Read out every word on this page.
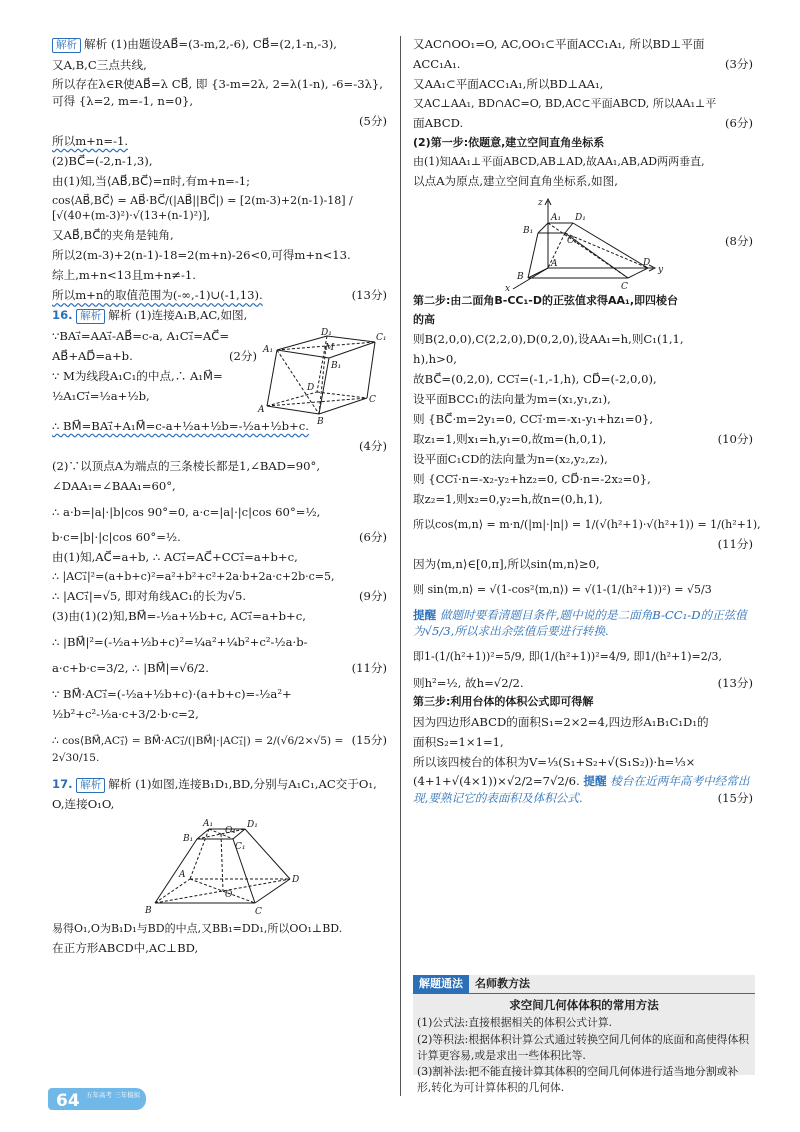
解析 解析 (1)由题设AB⃗=(3-m,2,-6), CB⃗=(2,1-n,-3),
又A,B,C三点共线,
所以存在λ∈R使AB⃗=λ CB⃗, 即 {3-m=2λ, 2=λ(1-n), -6=-3λ}, 可得 {λ=2, m=-1, n=0},
(5分)
所以m+n=-1.
(2)BC⃗=(-2,n-1,3),
由(1)知,当⟨AB⃗,BC⃗⟩=π时,有m+n=-1;
cos⟨AB⃗,BC⃗⟩ = AB⃗·BC⃗/(|AB⃗||BC⃗|) = [2(m-3)+2(n-1)-18] / [√(40+(m-3)²)·√(13+(n-1)²)],
又AB⃗,BC⃗的夹角是钝角,
所以2(m-3)+2(n-1)-18=2(m+n)-26<0,可得m+n<13.
综上,m+n<13且m+n≠-1.
(13分)
所以m+n的取值范围为(-∞,-1)∪(-1,13).
16. 解析 解析 (1)连接A₁B,AC,如图,
∵BA₁⃗=AA₁⃗-AB⃗=c-a, A₁C₁⃗=AC⃗=
AB⃗+AD⃗=a+b.	(2分)
∵ M为线段A₁C₁的中点,∴ A₁M⃗=
½A₁C₁⃗=½a+½b,
D₁
M
C₁
A₁
B₁
D
C
A
B
∴ BM⃗=BA₁⃗+A₁M⃗=c-a+½a+½b=-½a+½b+c.
(4分)
(2)∵以顶点A为端点的三条棱长都是1,∠BAD=90°,
∠DAA₁=∠BAA₁=60°,
∴ a·b=|a|·|b|cos 90°=0, a·c=|a|·|c|cos 60°=½,
(6分)
b·c=|b|·|c|cos 60°=½.
由(1)知,AC⃗=a+b, ∴ AC₁⃗=AC⃗+CC₁⃗=a+b+c,
∴ |AC₁⃗|²=(a+b+c)²=a²+b²+c²+2a·b+2a·c+2b·c=5,
(9分)
∴ |AC₁⃗|=√5, 即对角线AC₁的长为√5.
(3)由(1)(2)知,BM⃗=-½a+½b+c, AC₁⃗=a+b+c,
∴ |BM⃗|²=(-½a+½b+c)²=¼a²+¼b²+c²-½a·b-
(11分)
a·c+b·c=3/2, ∴ |BM⃗|=√6/2.
∵ BM⃗·AC₁⃗=(-½a+½b+c)·(a+b+c)=-½a²+
½b²+c²-½a·c+3/2·b·c=2,
(15分)
∴ cos⟨BM⃗,AC₁⃗⟩ = BM⃗·AC₁⃗/(|BM⃗|·|AC₁⃗|) = 2/(√6/2×√5) = 2√30/15.
17. 解析 解析 (1)如图,连接B₁D₁,BD,分别与A₁C₁,AC交于O₁,
O,连接O₁O,
A₁	D₁
B₁
C₁
O₁
A	D
O
B	C
易得O₁,O为B₁D₁与BD的中点,又BB₁=DD₁,所以OO₁⊥BD.
在正方形ABCD中,AC⊥BD,
又AC∩OO₁=O, AC,OO₁⊂平面ACC₁A₁, 所以BD⊥平面
(3分)
ACC₁A₁.
又AA₁⊂平面ACC₁A₁,所以BD⊥AA₁,
又AC⊥AA₁, BD∩AC=O, BD,AC⊂平面ABCD, 所以AA₁⊥平
(6分)
面ABCD.
(2)第一步:依题意,建立空间直角坐标系
由(1)知AA₁⊥平面ABCD,AB⊥AD,故AA₁,AB,AD两两垂直,
以点A为原点,建立空间直角坐标系,如图,
z
A₁ D₁
B₁
C₁
A	D
B
C
y
x
(8分)
第二步:由二面角B-CC₁-D的正弦值求得AA₁,即四棱台
的高
则B(2,0,0),C(2,2,0),D(0,2,0),设AA₁=h,则C₁(1,1,
h),h>0,
故BC⃗=(0,2,0), CC₁⃗=(-1,-1,h), CD⃗=(-2,0,0),
设平面BCC₁的法向量为m=(x₁,y₁,z₁),
则 {BC⃗·m=2y₁=0, CC₁⃗·m=-x₁-y₁+hz₁=0},
(10分)
取z₁=1,则x₁=h,y₁=0,故m=(h,0,1),
设平面C₁CD的法向量为n=(x₂,y₂,z₂),
则 {CC₁⃗·n=-x₂-y₂+hz₂=0, CD⃗·n=-2x₂=0},
取z₂=1,则x₂=0,y₂=h,故n=(0,h,1),
所以cos⟨m,n⟩ = m·n/(|m|·|n|) = 1/(√(h²+1)·√(h²+1)) = 1/(h²+1),
(11分)
因为⟨m,n⟩∈[0,π],所以sin⟨m,n⟩≥0,
则 sin⟨m,n⟩ = √(1-cos²⟨m,n⟩) = √(1-(1/(h²+1))²) = √5/3
提醒 做题时要看清题目条件,题中说的是二面角B-CC₁-D的正弦值为√5/3,所以求出余弦值后要进行转换.
即1-(1/(h²+1))²=5/9, 即(1/(h²+1))²=4/9, 即1/(h²+1)=2/3,
(13分)
则h²=½, 故h=√2/2.
第三步:利用台体的体积公式即可得解
因为四边形ABCD的面积S₁=2×2=4,四边形A₁B₁C₁D₁的
面积S₂=1×1=1,
所以该四棱台的体积为V=⅓(S₁+S₂+√(S₁S₂))·h=⅓×
(4+1+√(4×1))×√2/2=7√2/6. 提醒 棱台在近两年高考中经常出现,要熟记它的表面积及体积公式.	(15分)
解题通法	名师教方法
求空间几何体体积的常用方法
(1)公式法:直接根据相关的体积公式计算.
(2)等积法:根据体积计算公式通过转换空间几何体的底面和高使得体积计算更容易,或是求出一些体积比等.
(3)割补法:把不能直接计算其体积的空间几何体进行适当地分割或补形,转化为可计算体积的几何体.
64 五年高考 三年模拟
